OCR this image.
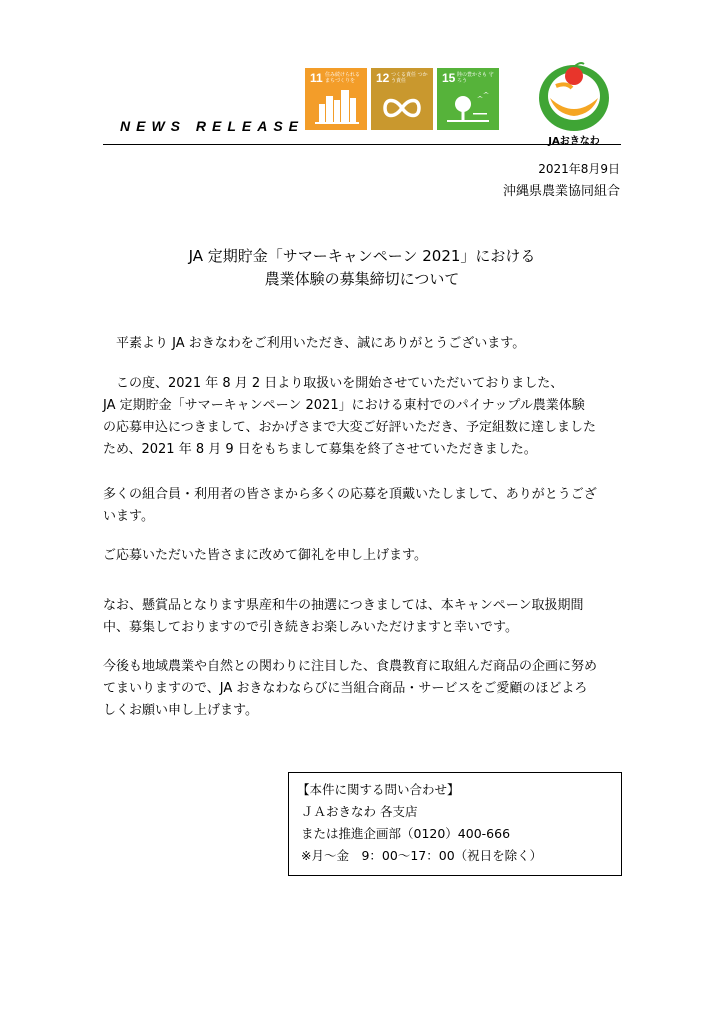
NEWS RELEASE
11 住み続けられる まちづくりを	12 つくる責任 つかう責任	15 陸の豊かさも 守ろう
JAおきなわ
2021年8月9日
沖縄県農業協同組合
JA 定期貯金「サマーキャンペーン 2021」における
農業体験の募集締切について
平素より JA おきなわをご利用いただき、誠にありがとうございます。
この度、2021 年 8 月 2 日より取扱いを開始させていただいておりました、
JA 定期貯金「サマーキャンペーン 2021」における東村でのパイナップル農業体験
の応募申込につきまして、おかげさまで大変ご好評いただき、予定組数に達しました
ため、2021 年 8 月 9 日をもちまして募集を終了させていただきました。
多くの組合員・利用者の皆さまから多くの応募を頂戴いたしまして、ありがとうござ
います。
ご応募いただいた皆さまに改めて御礼を申し上げます。
なお、懸賞品となります県産和牛の抽選につきましては、本キャンペーン取扱期間
中、募集しておりますので引き続きお楽しみいただけますと幸いです。
今後も地域農業や自然との関わりに注目した、食農教育に取組んだ商品の企画に努め
てまいりますので、JA おきなわならびに当組合商品・サービスをご愛顧のほどよろ
しくお願い申し上げます。
【本件に関する問い合わせ】
ＪＡおきなわ 各支店
または推進企画部（0120）400-666
※月～金　9：00～17：00（祝日を除く）
